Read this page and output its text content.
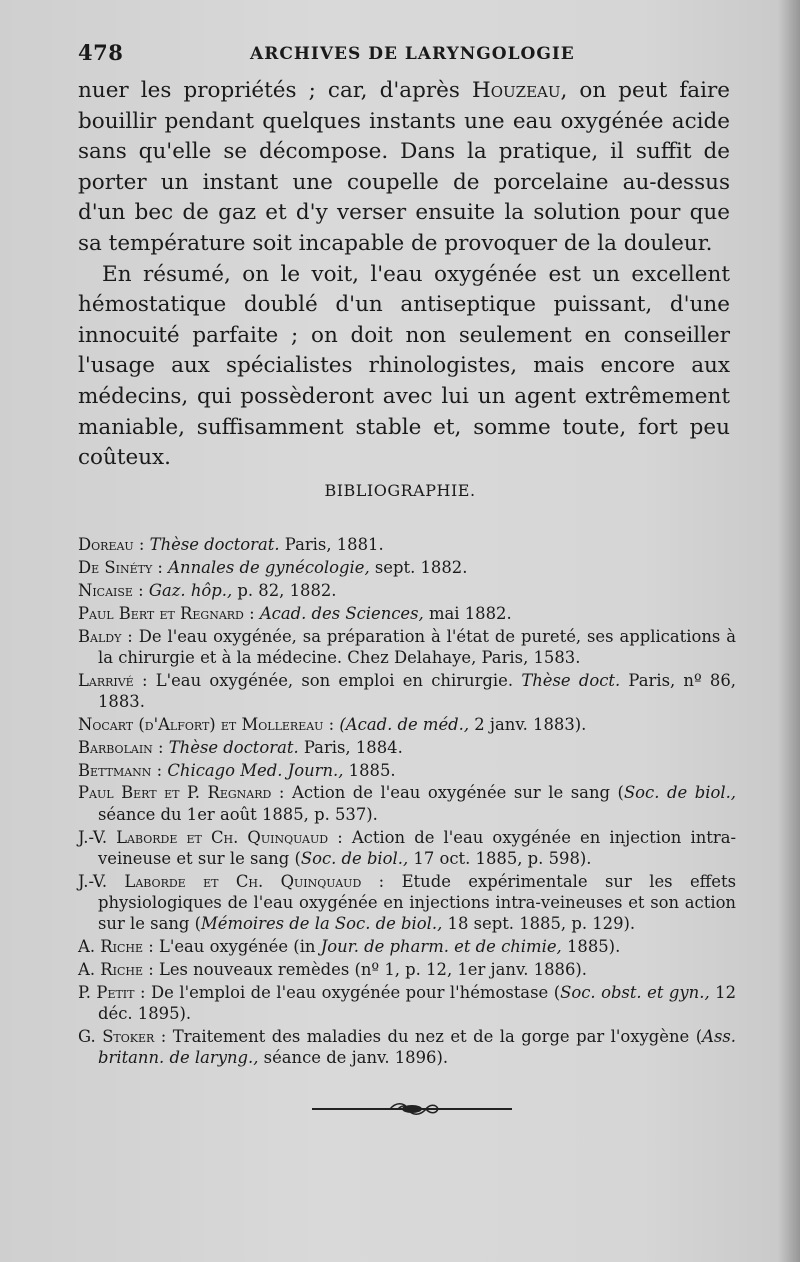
478	ARCHIVES DE LARYNGOLOGIE

nuer les propriétés ; car, d'après Houzeau, on peut faire bouillir pendant quelques instants une eau oxygénée acide sans qu'elle se décompose. Dans la pratique, il suffit de porter un instant une coupelle de porcelaine au-dessus d'un bec de gaz et d'y verser ensuite la solution pour que sa température soit incapable de provoquer de la douleur.

En résumé, on le voit, l'eau oxygénée est un excellent hémostatique doublé d'un antiseptique puissant, d'une innocuité parfaite ; on doit non seulement en conseiller l'usage aux spécialistes rhinologistes, mais encore aux médecins, qui possèderont avec lui un agent extrêmement maniable, suffisamment stable et, somme toute, fort peu coûteux.

BIBLIOGRAPHIE.

Doreau : Thèse doctorat. Paris, 1881.

De Sinéty : Annales de gynécologie, sept. 1882.

Nicaise : Gaz. hôp., p. 82, 1882.

Paul Bert et Regnard : Acad. des Sciences, mai 1882.

Baldy : De l'eau oxygénée, sa préparation à l'état de pureté, ses applications à la chirurgie et à la médecine. Chez Delahaye, Paris, 1583.

Larrivé : L'eau oxygénée, son emploi en chirurgie. Thèse doct. Paris, nº 86, 1883.

Nocart (d'Alfort) et Mollereau : (Acad. de méd., 2 janv. 1883).

Barbolain : Thèse doctorat. Paris, 1884.

Bettmann : Chicago Med. Journ., 1885.

Paul Bert et P. Regnard : Action de l'eau oxygénée sur le sang (Soc. de biol., séance du 1er août 1885, p. 537).

J.-V. Laborde et Ch. Quinquaud : Action de l'eau oxygénée en injection intra-veineuse et sur le sang (Soc. de biol., 17 oct. 1885, p. 598).

J.-V. Laborde et Ch. Quinquaud : Etude expérimentale sur les effets physiologiques de l'eau oxygénée en injections intra-veineuses et son action sur le sang (Mémoires de la Soc. de biol., 18 sept. 1885, p. 129).

A. Riche : L'eau oxygénée (in Jour. de pharm. et de chimie, 1885).

A. Riche : Les nouveaux remèdes (nº 1, p. 12, 1er janv. 1886).

P. Petit : De l'emploi de l'eau oxygénée pour l'hémostase (Soc. obst. et gyn., 12 déc. 1895).

G. Stoker : Traitement des maladies du nez et de la gorge par l'oxygène (Ass. britann. de laryng., séance de janv. 1896).
